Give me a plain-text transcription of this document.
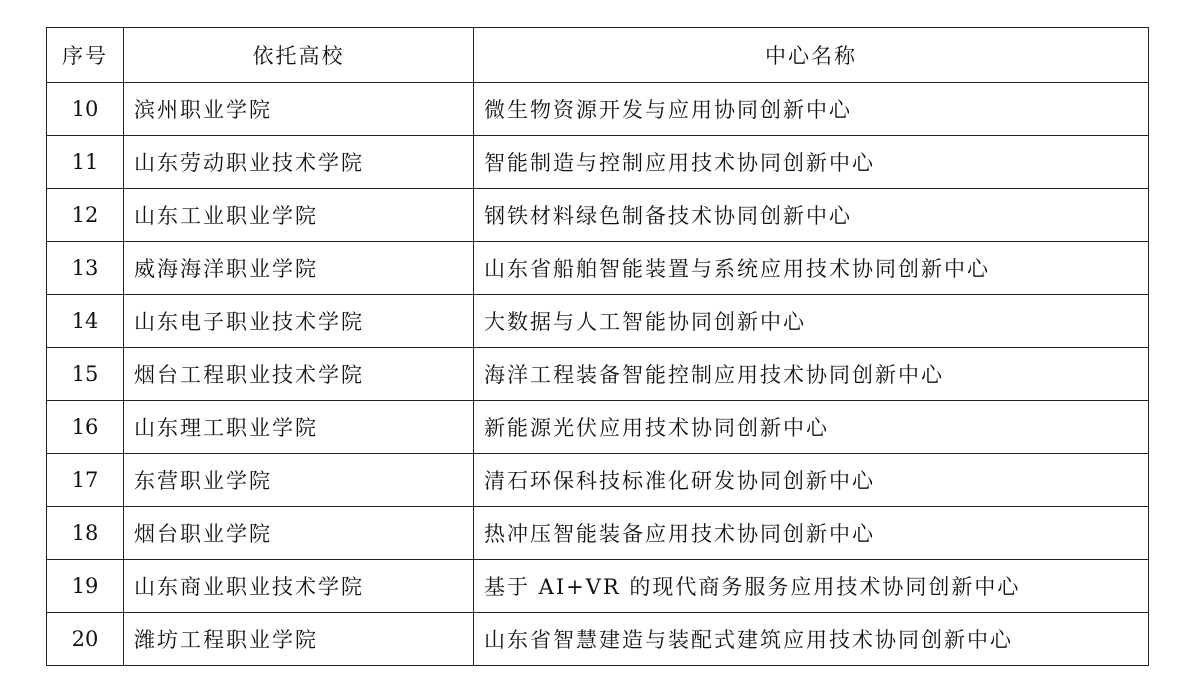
序号	依托高校	中心名称
10	滨州职业学院	微生物资源开发与应用协同创新中心
11	山东劳动职业技术学院	智能制造与控制应用技术协同创新中心
12	山东工业职业学院	钢铁材料绿色制备技术协同创新中心
13	威海海洋职业学院	山东省船舶智能装置与系统应用技术协同创新中心
14	山东电子职业技术学院	大数据与人工智能协同创新中心
15	烟台工程职业技术学院	海洋工程装备智能控制应用技术协同创新中心
16	山东理工职业学院	新能源光伏应用技术协同创新中心
17	东营职业学院	清石环保科技标准化研发协同创新中心
18	烟台职业学院	热冲压智能装备应用技术协同创新中心
19	山东商业职业技术学院	基于 AI+VR 的现代商务服务应用技术协同创新中心
20	潍坊工程职业学院	山东省智慧建造与装配式建筑应用技术协同创新中心
